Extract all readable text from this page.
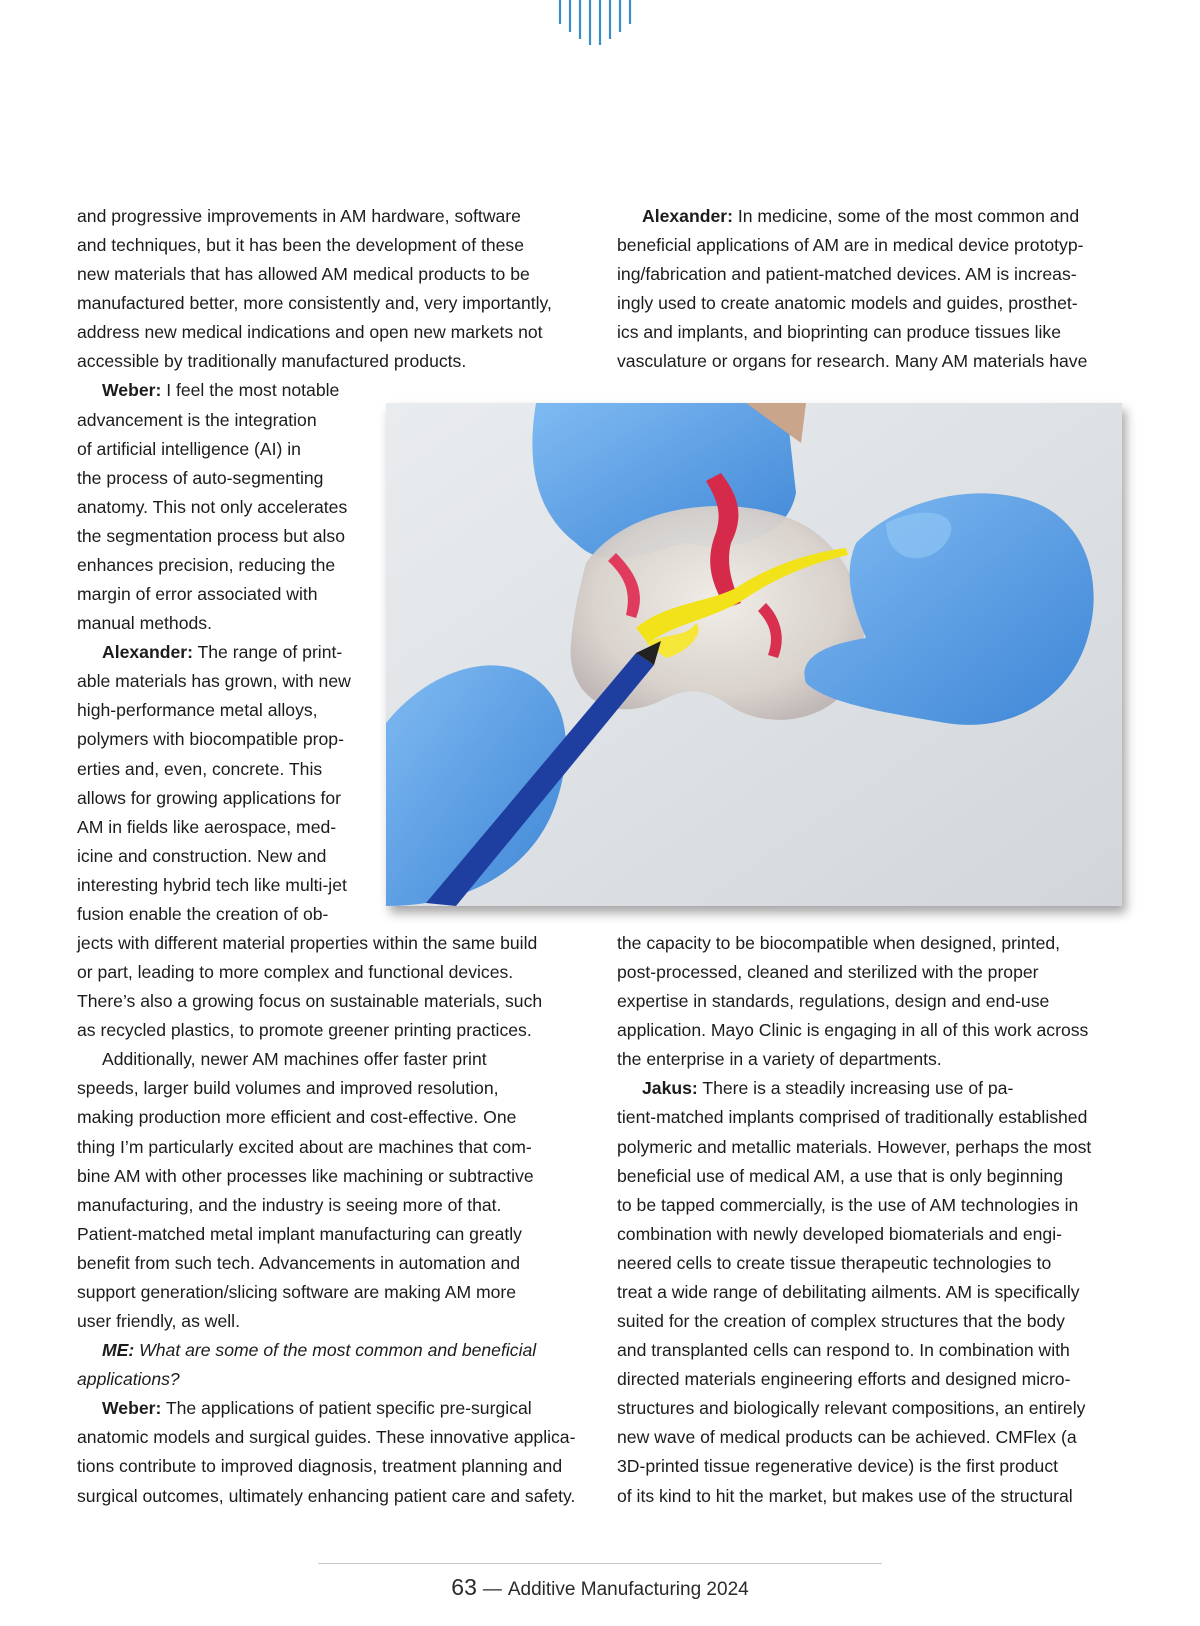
and progressive improvements in AM hardware, software
and techniques, but it has been the development of these
new materials that has allowed AM medical products to be
manufactured better, more consistently and, very importantly,
address new medical indications and open new markets not
accessible by traditionally manufactured products.
Weber: I feel the most notable
advancement is the integration
of artificial intelligence (AI) in
the process of auto-segmenting
anatomy. This not only accelerates
the segmentation process but also
enhances precision, reducing the
margin of error associated with
manual methods.
Alexander: The range of print-
able materials has grown, with new
high-performance metal alloys,
polymers with biocompatible prop-
erties and, even, concrete. This
allows for growing applications for
AM in fields like aerospace, med-
icine and construction. New and
interesting hybrid tech like multi-jet
fusion enable the creation of ob-
jects with different material properties within the same build
or part, leading to more complex and functional devices.
There’s also a growing focus on sustainable materials, such
as recycled plastics, to promote greener printing practices.
Additionally, newer AM machines offer faster print
speeds, larger build volumes and improved resolution,
making production more efficient and cost-effective. One
thing I’m particularly excited about are machines that com-
bine AM with other processes like machining or subtractive
manufacturing, and the industry is seeing more of that.
Patient-matched metal implant manufacturing can greatly
benefit from such tech. Advancements in automation and
support generation/slicing software are making AM more
user friendly, as well.
ME: What are some of the most common and beneficial
applications?
Weber: The applications of patient specific pre-surgical
anatomic models and surgical guides. These innovative applica-
tions contribute to improved diagnosis, treatment planning and
surgical outcomes, ultimately enhancing patient care and safety.
Alexander: In medicine, some of the most common and
beneficial applications of AM are in medical device prototyp-
ing/fabrication and patient-matched devices. AM is increas-
ingly used to create anatomic models and guides, prosthet-
ics and implants, and bioprinting can produce tissues like
vasculature or organs for research. Many AM materials have
the capacity to be biocompatible when designed, printed,
post-processed, cleaned and sterilized with the proper
expertise in standards, regulations, design and end-use
application. Mayo Clinic is engaging in all of this work across
the enterprise in a variety of departments.
Jakus: There is a steadily increasing use of pa-
tient-matched implants comprised of traditionally established
polymeric and metallic materials. However, perhaps the most
beneficial use of medical AM, a use that is only beginning
to be tapped commercially, is the use of AM technologies in
combination with newly developed biomaterials and engi-
neered cells to create tissue therapeutic technologies to
treat a wide range of debilitating ailments. AM is specifically
suited for the creation of complex structures that the body
and transplanted cells can respond to. In combination with
directed materials engineering efforts and designed micro-
structures and biologically relevant compositions, an entirely
new wave of medical products can be achieved. CMFlex (a
3D-printed tissue regenerative device) is the first product
of its kind to hit the market, but makes use of the structural
63 — Additive Manufacturing 2024
